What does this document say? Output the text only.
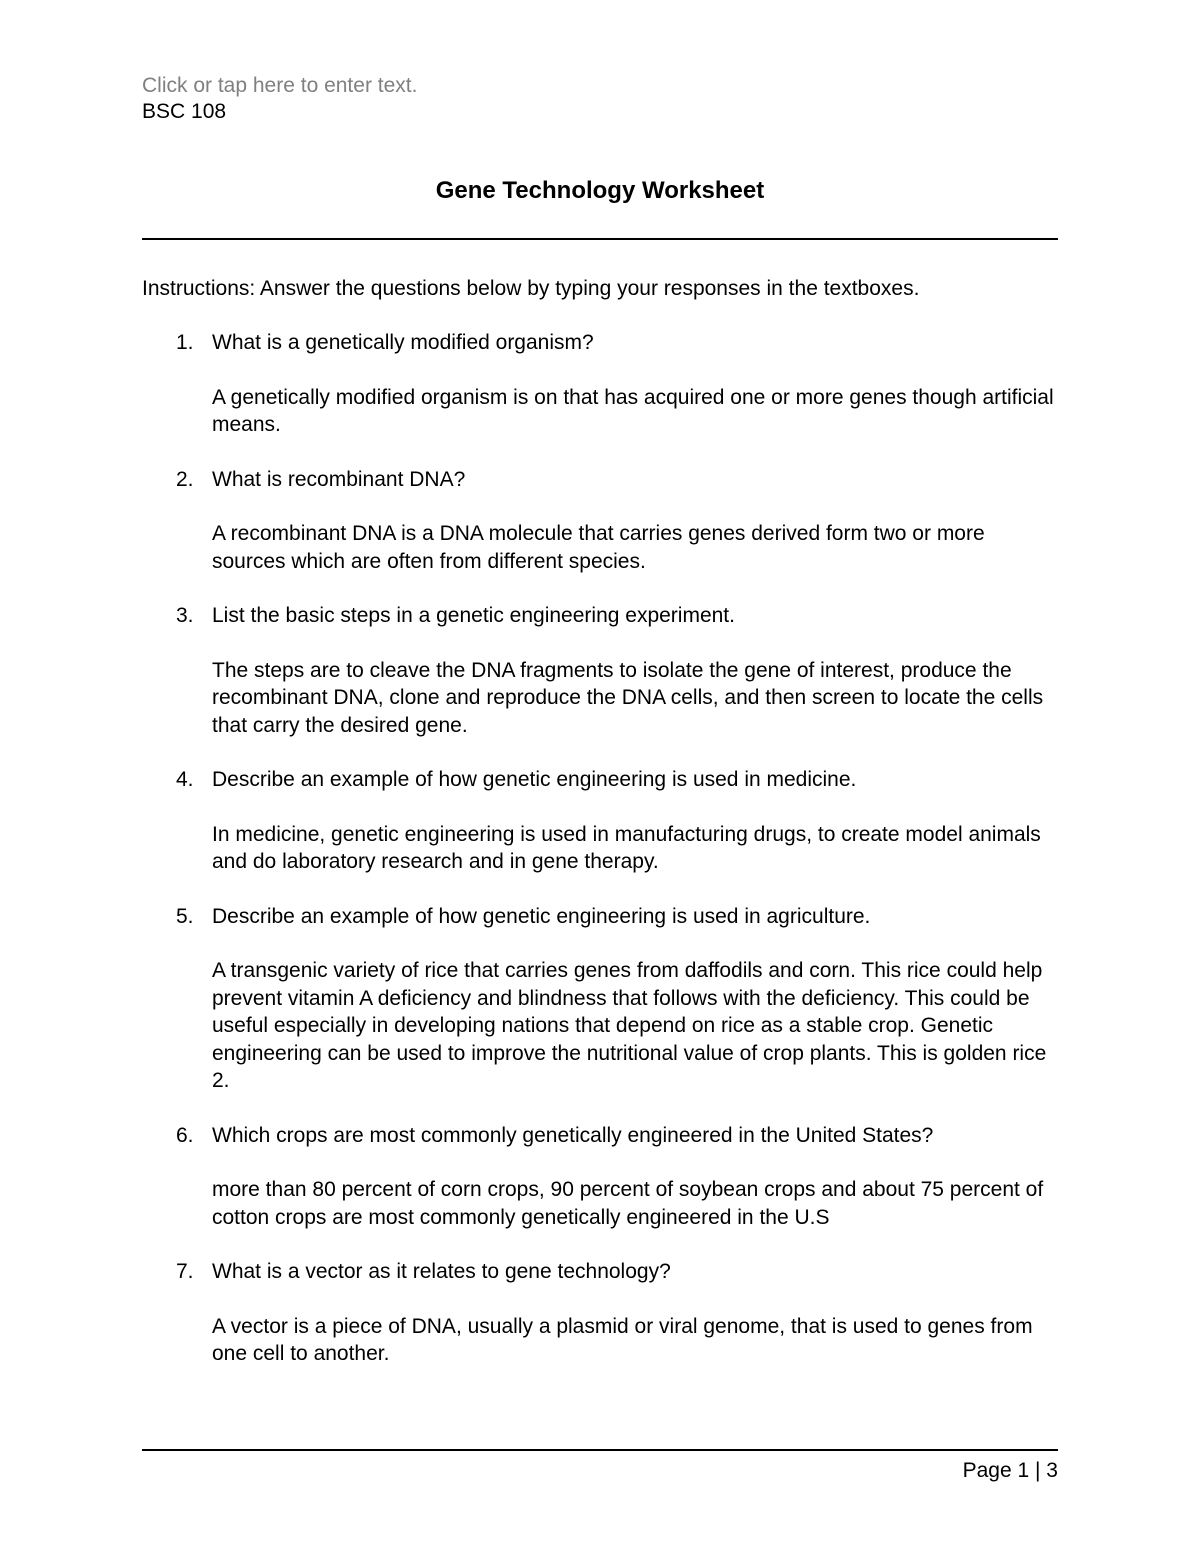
Click or tap here to enter text.
BSC 108
Gene Technology Worksheet
Instructions: Answer the questions below by typing your responses in the textboxes.
1. What is a genetically modified organism?
A genetically modified organism is on that has acquired one or more genes though artificial means.
2. What is recombinant DNA?
A recombinant DNA is a DNA molecule that carries genes derived form two or more sources which are often from different species.
3. List the basic steps in a genetic engineering experiment.
The steps are to cleave the DNA fragments to isolate the gene of interest, produce the recombinant DNA, clone and reproduce the DNA cells, and then screen to locate the cells that carry the desired gene.
4. Describe an example of how genetic engineering is used in medicine.
In medicine, genetic engineering is used in manufacturing drugs, to create model animals and do laboratory research and in gene therapy.
5. Describe an example of how genetic engineering is used in agriculture.
A transgenic variety of rice that carries genes from daffodils and corn. This rice could help prevent vitamin A deficiency and blindness that follows with the deficiency. This could be useful especially in developing nations that depend on rice as a stable crop. Genetic engineering can be used to improve the nutritional value of crop plants. This is golden rice 2.
6. Which crops are most commonly genetically engineered in the United States?
more than 80 percent of corn crops, 90 percent of soybean crops and about 75 percent of cotton crops are most commonly genetically engineered in the U.S
7. What is a vector as it relates to gene technology?
A vector is a piece of DNA, usually a plasmid or viral genome, that is used to genes from one cell to another.
Page 1 | 3
